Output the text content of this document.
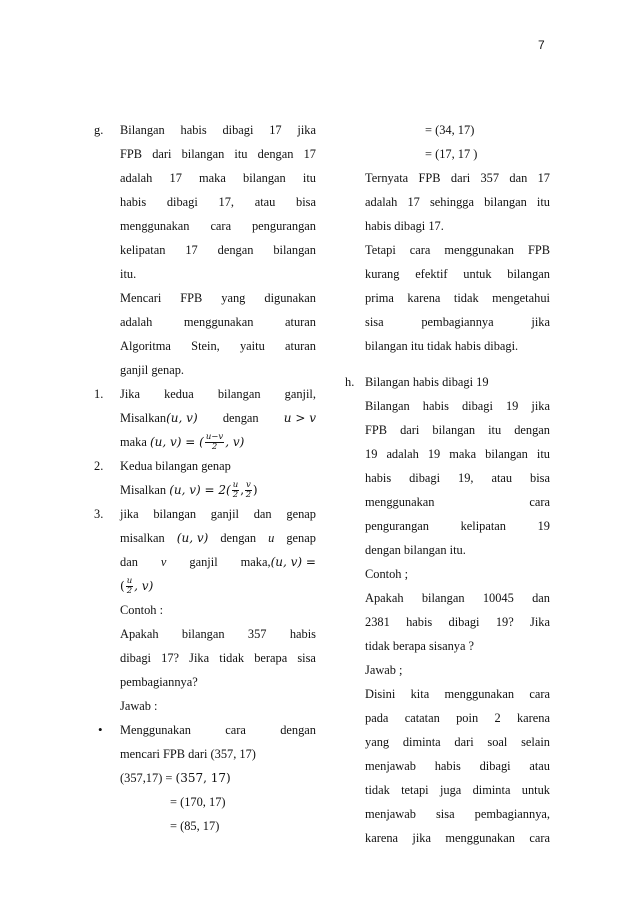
7
g.	Bilangan habis dibagi 17 jika
FPB dari bilangan itu dengan 17
adalah 17 maka bilangan itu
habis dibagi 17, atau bisa
menggunakan cara pengurangan
kelipatan 17 dengan bilangan
itu.
Mencari FPB yang digunakan
adalah	menggunakan	aturan
Algoritma Stein, yaitu aturan
ganjil genap.
1.	Jika kedua bilangan ganjil,
Misalkan(u, v) dengan u > v
maka (u, v) = ( $\frac{u-v}{2}$ , v)
2. Kedua bilangan genap
Misalkan (u, $v) = 2( \frac{u}{2}$ , $\frac{v}{2}$ )
3.	jika bilangan ganjil dan genap
misalkan (u, v) dengan u genap
dan v ganjil maka,(u, v) =
( $\frac{u}{2}$ , v)
Contoh :
Apakah bilangan 357 habis
dibagi 17? Jika tidak berapa sisa
pembagiannya?
Jawab :
•	Menggunakan	cara	dengan
mencari FPB dari (357, 17)
(357,17) = (357, 17)
= (170, 17)
= (85, 17)
= (34, 17)
= (17, 17 )
Ternyata FPB dari 357 dan 17
adalah 17 sehingga bilangan itu
habis dibagi 17.
Tetapi cara menggunakan FPB
kurang efektif untuk bilangan
prima karena tidak mengetahui
sisa	pembagiannya	jika
bilangan itu tidak habis dibagi.
h. Bilangan habis dibagi 19
Bilangan habis dibagi 19 jika
FPB dari bilangan itu dengan
19 adalah 19 maka bilangan itu
habis dibagi 19, atau bisa
menggunakan	cara
pengurangan	kelipatan	19
dengan bilangan itu.
Contoh ;
Apakah bilangan 10045 dan
2381 habis dibagi 19? Jika
tidak berapa sisanya ?
Jawab ;
Disini kita menggunakan cara
pada catatan poin 2 karena
yang diminta dari soal selain
menjawab habis dibagi atau
tidak tetapi juga diminta untuk
menjawab sisa pembagiannya,
karena jika menggunakan cara
